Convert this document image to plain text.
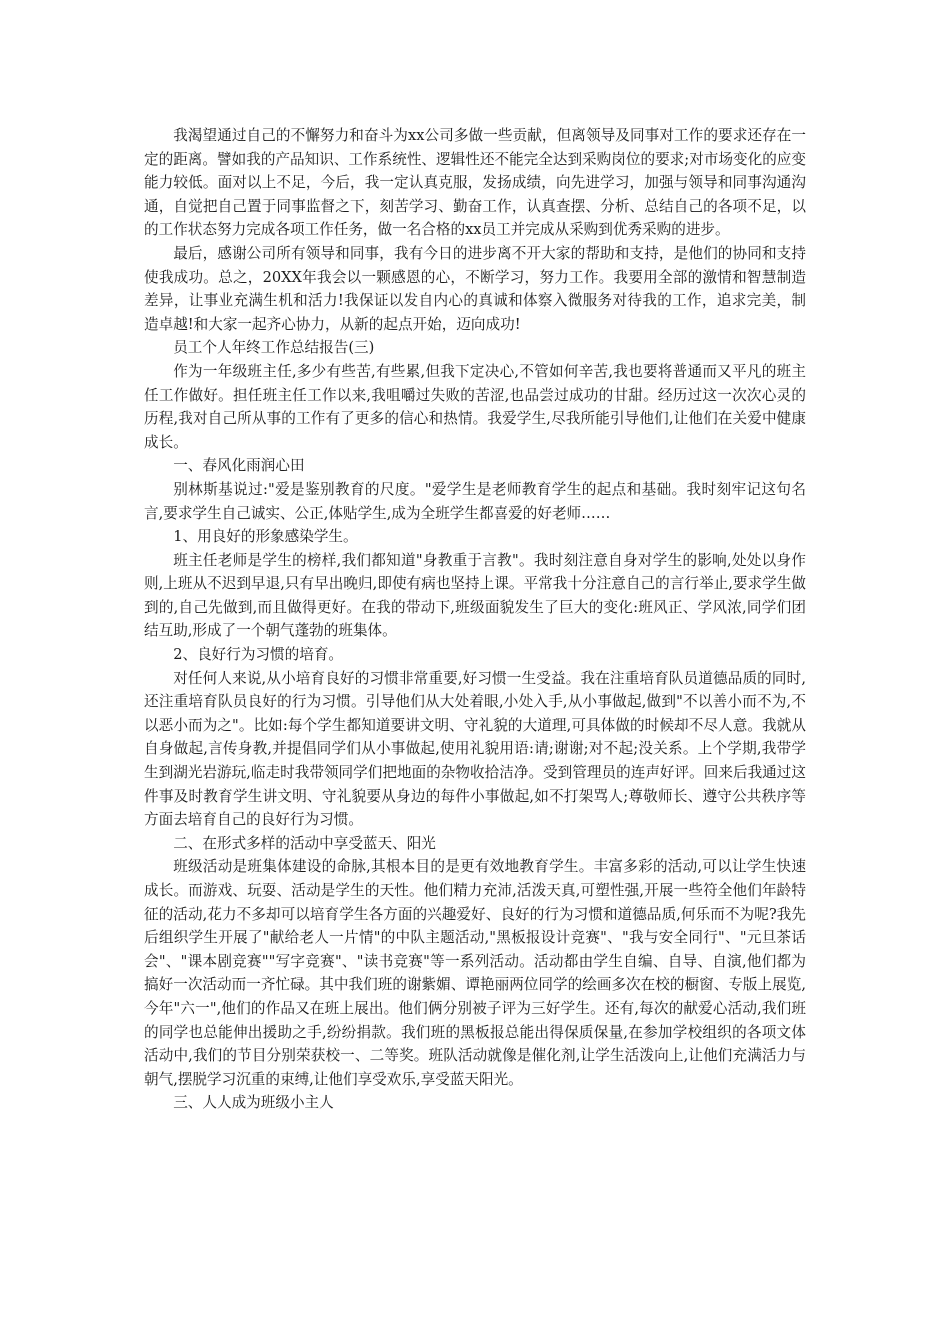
我渴望通过自己的不懈努力和奋斗为xx公司多做一些贡献，但离领导及同事对工作的要求还存在一定的距离。譬如我的产品知识、工作系统性、逻辑性还不能完全达到采购岗位的要求;对市场变化的应变能力较低。面对以上不足，今后，我一定认真克服，发扬成绩，向先进学习，加强与领导和同事沟通沟通，自觉把自己置于同事监督之下，刻苦学习、勤奋工作，认真查摆、分析、总结自己的各项不足，以的工作状态努力完成各项工作任务，做一名合格的xx员工并完成从采购到优秀采购的进步。

最后，感谢公司所有领导和同事，我有今日的进步离不开大家的帮助和支持，是他们的协同和支持使我成功。总之，20XX年我会以一颗感恩的心，不断学习，努力工作。我要用全部的激情和智慧制造差异，让事业充满生机和活力!我保证以发自内心的真诚和体察入微服务对待我的工作，追求完美，制造卓越!和大家一起齐心协力，从新的起点开始，迈向成功!

员工个人年终工作总结报告(三)

作为一年级班主任,多少有些苦,有些累,但我下定决心,不管如何辛苦,我也要将普通而又平凡的班主任工作做好。担任班主任工作以来,我咀嚼过失败的苦涩,也品尝过成功的甘甜。经历过这一次次心灵的历程,我对自己所从事的工作有了更多的信心和热情。我爱学生,尽我所能引导他们,让他们在关爱中健康成长。

一、春风化雨润心田

别林斯基说过:"爱是鉴别教育的尺度。"爱学生是老师教育学生的起点和基础。我时刻牢记这句名言,要求学生自己诚实、公正,体贴学生,成为全班学生都喜爱的好老师……

1、用良好的形象感染学生。

班主任老师是学生的榜样,我们都知道"身教重于言教"。我时刻注意自身对学生的影响,处处以身作则,上班从不迟到早退,只有早出晚归,即使有病也坚持上课。平常我十分注意自己的言行举止,要求学生做到的,自己先做到,而且做得更好。在我的带动下,班级面貌发生了巨大的变化:班风正、学风浓,同学们团结互助,形成了一个朝气蓬勃的班集体。

2、良好行为习惯的培育。

对任何人来说,从小培育良好的习惯非常重要,好习惯一生受益。我在注重培育队员道德品质的同时,还注重培育队员良好的行为习惯。引导他们从大处着眼,小处入手,从小事做起,做到"不以善小而不为,不以恶小而为之"。比如:每个学生都知道要讲文明、守礼貌的大道理,可具体做的时候却不尽人意。我就从自身做起,言传身教,并提倡同学们从小事做起,使用礼貌用语:请;谢谢;对不起;没关系。上个学期,我带学生到湖光岩游玩,临走时我带领同学们把地面的杂物收拾洁净。受到管理员的连声好评。回来后我通过这件事及时教育学生讲文明、守礼貌要从身边的每件小事做起,如不打架骂人;尊敬师长、遵守公共秩序等方面去培育自己的良好行为习惯。

二、在形式多样的活动中享受蓝天、阳光

班级活动是班集体建设的命脉,其根本目的是更有效地教育学生。丰富多彩的活动,可以让学生快速成长。而游戏、玩耍、活动是学生的天性。他们精力充沛,活泼天真,可塑性强,开展一些符全他们年龄特征的活动,花力不多却可以培育学生各方面的兴趣爱好、良好的行为习惯和道德品质,何乐而不为呢?我先后组织学生开展了"献给老人一片情"的中队主题活动,"黑板报设计竞赛"、"我与安全同行"、"元旦茶话会"、"课本剧竞赛""写字竞赛"、"读书竞赛"等一系列活动。活动都由学生自编、自导、自演,他们都为搞好一次活动而一齐忙碌。其中我们班的谢紫媚、谭艳丽两位同学的绘画多次在校的橱窗、专版上展览,今年"六一",他们的作品又在班上展出。他们俩分别被子评为三好学生。还有,每次的献爱心活动,我们班的同学也总能伸出援助之手,纷纷捐款。我们班的黑板报总能出得保质保量,在参加学校组织的各项文体活动中,我们的节目分别荣获校一、二等奖。班队活动就像是催化剂,让学生活泼向上,让他们充满活力与朝气,摆脱学习沉重的束缚,让他们享受欢乐,享受蓝天阳光。

三、人人成为班级小主人
